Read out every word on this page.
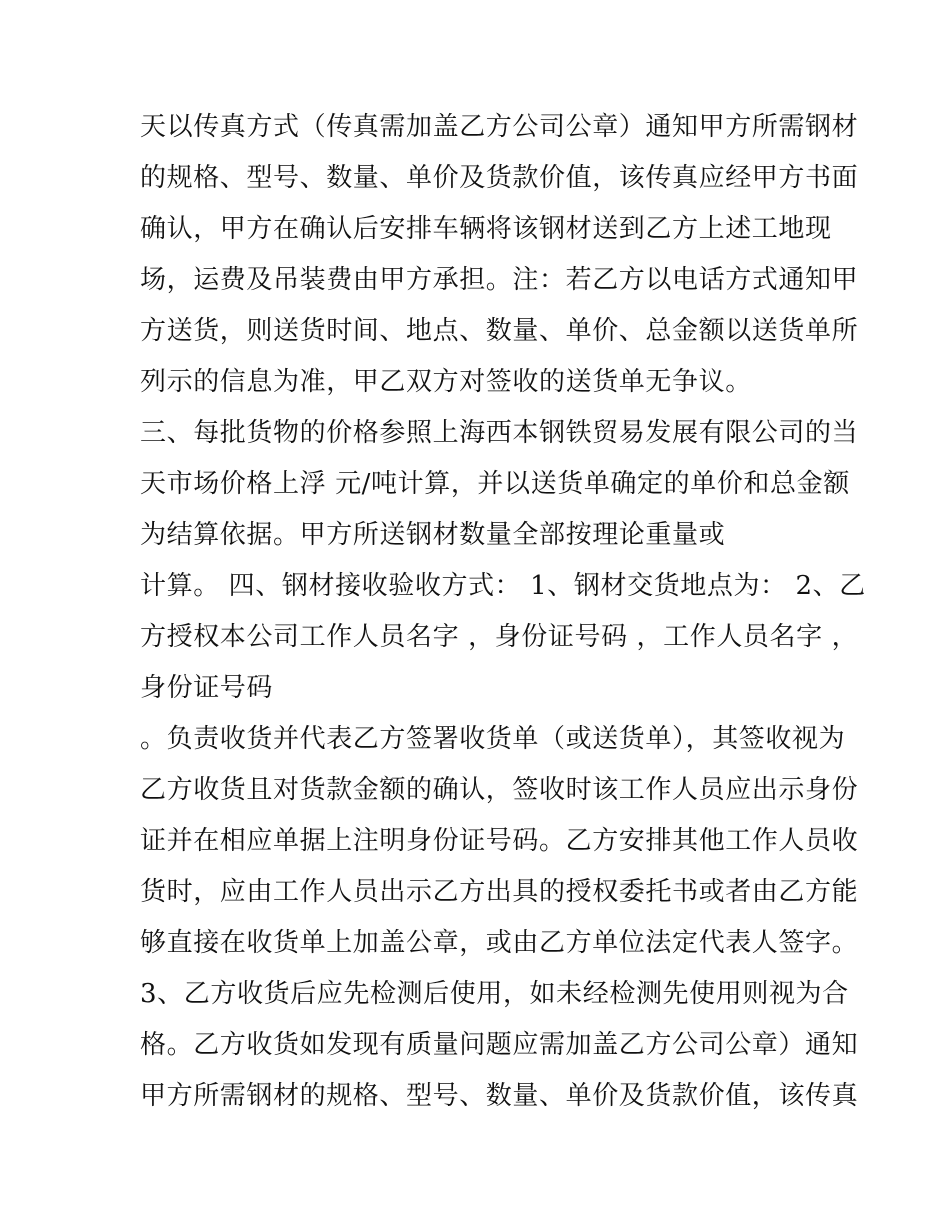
天以传真方式（传真需加盖乙方公司公章）通知甲方所需钢材
的规格、型号、数量、单价及货款价值，该传真应经甲方书面
确认，甲方在确认后安排车辆将该钢材送到乙方上述工地现
场，运费及吊装费由甲方承担。注：若乙方以电话方式通知甲
方送货，则送货时间、地点、数量、单价、总金额以送货单所
列示的信息为准，甲乙双方对签收的送货单无争议。
三、每批货物的价格参照上海西本钢铁贸易发展有限公司的当
天市场价格上浮 元/吨计算，并以送货单确定的单价和总金额
为结算依据。甲方所送钢材数量全部按理论重量或
计算。 四、钢材接收验收方式： 1、钢材交货地点为： 2、乙
方授权本公司工作人员名字 ，身份证号码 ，工作人员名字 ，
身份证号码
。负责收货并代表乙方签署收货单（或送货单），其签收视为
乙方收货且对货款金额的确认，签收时该工作人员应出示身份
证并在相应单据上注明身份证号码。乙方安排其他工作人员收
货时，应由工作人员出示乙方出具的授权委托书或者由乙方能
够直接在收货单上加盖公章，或由乙方单位法定代表人签字。
3、乙方收货后应先检测后使用，如未经检测先使用则视为合
格。乙方收货如发现有质量问题应需加盖乙方公司公章）通知
甲方所需钢材的规格、型号、数量、单价及货款价值，该传真
